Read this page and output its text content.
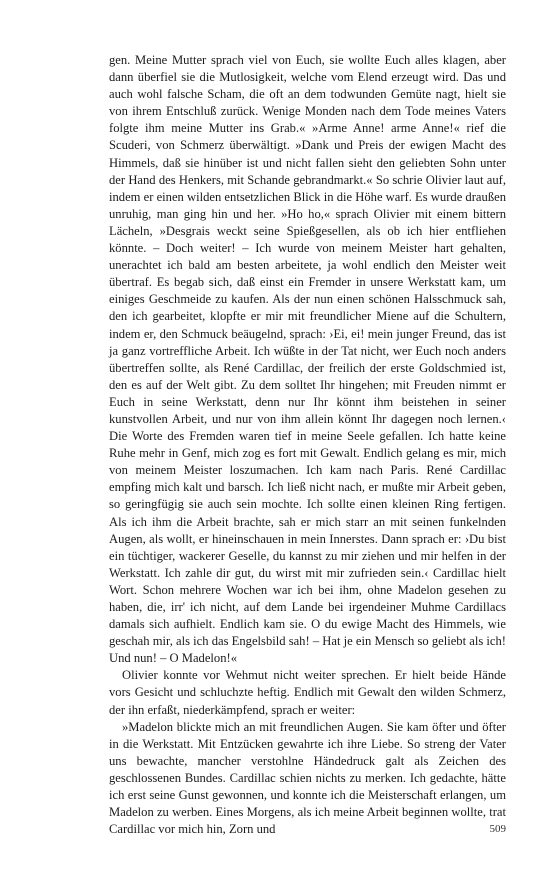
gen. Meine Mutter sprach viel von Euch, sie wollte Euch alles klagen, aber dann überfiel sie die Mutlosigkeit, welche vom Elend erzeugt wird. Das und auch wohl falsche Scham, die oft an dem todwunden Gemüte nagt, hielt sie von ihrem Entschluß zurück. Wenige Monden nach dem Tode meines Vaters folgte ihm meine Mutter ins Grab.« »Arme Anne! arme Anne!« rief die Scuderi, von Schmerz überwältigt. »Dank und Preis der ewigen Macht des Himmels, daß sie hinüber ist und nicht fallen sieht den geliebten Sohn unter der Hand des Henkers, mit Schande gebrandmarkt.« So schrie Olivier laut auf, indem er einen wilden entsetzlichen Blick in die Höhe warf. Es wurde draußen unruhig, man ging hin und her. »Ho ho,« sprach Olivier mit einem bittern Lächeln, »Desgrais weckt seine Spießgesellen, als ob ich hier entfliehen könnte. – Doch weiter! – Ich wurde von meinem Meister hart gehalten, unerachtet ich bald am besten arbeitete, ja wohl endlich den Meister weit übertraf. Es begab sich, daß einst ein Fremder in unsere Werkstatt kam, um einiges Geschmeide zu kaufen. Als der nun einen schönen Halsschmuck sah, den ich gearbeitet, klopfte er mir mit freundlicher Miene auf die Schultern, indem er, den Schmuck beäugelnd, sprach: ›Ei, ei! mein junger Freund, das ist ja ganz vortreffliche Arbeit. Ich wüßte in der Tat nicht, wer Euch noch anders übertreffen sollte, als René Cardillac, der freilich der erste Goldschmied ist, den es auf der Welt gibt. Zu dem solltet Ihr hingehen; mit Freuden nimmt er Euch in seine Werkstatt, denn nur Ihr könnt ihm beistehen in seiner kunstvollen Arbeit, und nur von ihm allein könnt Ihr dagegen noch lernen.‹ Die Worte des Fremden waren tief in meine Seele gefallen. Ich hatte keine Ruhe mehr in Genf, mich zog es fort mit Gewalt. Endlich gelang es mir, mich von meinem Meister loszumachen. Ich kam nach Paris. René Cardillac empfing mich kalt und barsch. Ich ließ nicht nach, er mußte mir Arbeit geben, so geringfügig sie auch sein mochte. Ich sollte einen kleinen Ring fertigen. Als ich ihm die Arbeit brachte, sah er mich starr an mit seinen funkelnden Augen, als wollt, er hineinschauen in mein Innerstes. Dann sprach er: ›Du bist ein tüchtiger, wackerer Geselle, du kannst zu mir ziehen und mir helfen in der Werkstatt. Ich zahle dir gut, du wirst mit mir zufrieden sein.‹ Cardillac hielt Wort. Schon mehrere Wochen war ich bei ihm, ohne Madelon gesehen zu haben, die, irr' ich nicht, auf dem Lande bei irgendeiner Muhme Cardillacs damals sich aufhielt. Endlich kam sie. O du ewige Macht des Himmels, wie geschah mir, als ich das Engelsbild sah! – Hat je ein Mensch so geliebt als ich! Und nun! – O Madelon!«

Olivier konnte vor Wehmut nicht weiter sprechen. Er hielt beide Hände vors Gesicht und schluchzte heftig. Endlich mit Gewalt den wilden Schmerz, der ihn erfaßt, niederkämpfend, sprach er weiter:

»Madelon blickte mich an mit freundlichen Augen. Sie kam öfter und öfter in die Werkstatt. Mit Entzücken gewahrte ich ihre Liebe. So streng der Vater uns bewachte, mancher verstohlne Händedruck galt als Zeichen des geschlossenen Bundes. Cardillac schien nichts zu merken. Ich gedachte, hätte ich erst seine Gunst gewonnen, und konnte ich die Meisterschaft erlangen, um Madelon zu werben. Eines Morgens, als ich meine Arbeit beginnen wollte, trat Cardillac vor mich hin, Zorn und	509
